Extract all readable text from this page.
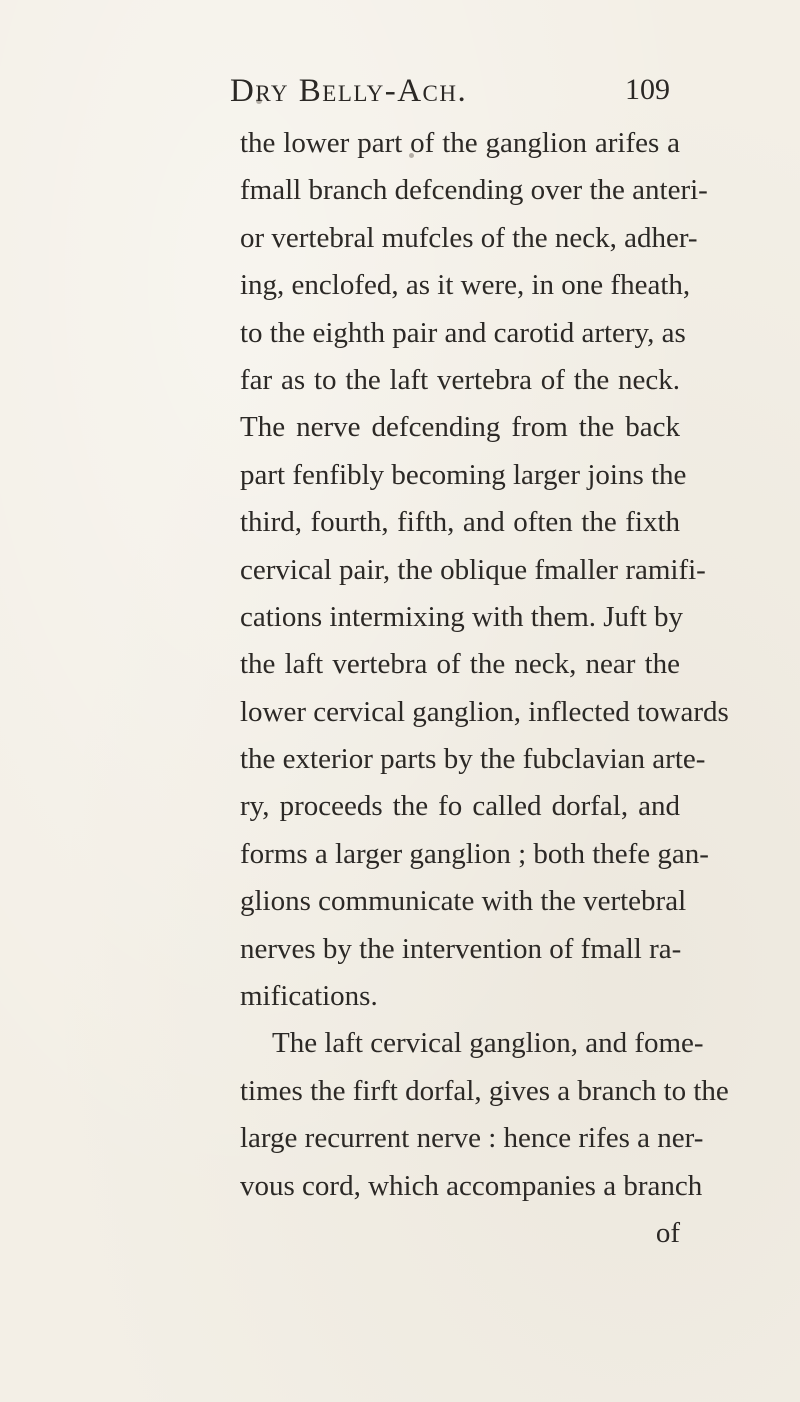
Dry Belly-Ach.	109
the lower part of the ganglion arifes a
fmall branch defcending over the anteri-
or vertebral mufcles of the neck, adher-
ing, enclofed, as it were, in one fheath,
to the eighth pair and carotid artery, as
far as to the laft vertebra of the neck.
The nerve defcending from the back
part fenfibly becoming larger joins the
third, fourth, fifth, and often the fixth
cervical pair, the oblique fmaller ramifi-
cations intermixing with them. Juft by
the laft vertebra of the neck, near the
lower cervical ganglion, inflected towards
the exterior parts by the fubclavian arte-
ry, proceeds the fo called dorfal, and
forms a larger ganglion ; both thefe gan-
glions communicate with the vertebral
nerves by the intervention of fmall ra-
mifications.
The laft cervical ganglion, and fome-
times the firft dorfal, gives a branch to the
large recurrent nerve : hence rifes a ner-
vous cord, which accompanies a branch
of
